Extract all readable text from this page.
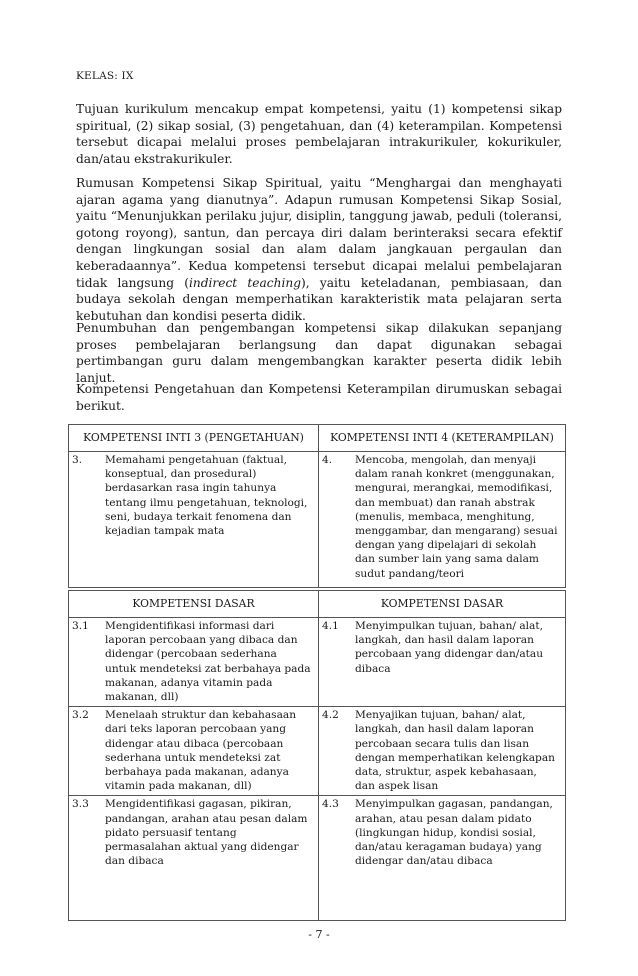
KELAS: IX

Tujuan kurikulum mencakup empat kompetensi, yaitu (1) kompetensi sikap spiritual, (2) sikap sosial, (3) pengetahuan, dan (4) keterampilan. Kompetensi tersebut dicapai melalui proses pembelajaran intrakurikuler, kokurikuler, dan/atau ekstrakurikuler.

Rumusan Kompetensi Sikap Spiritual, yaitu “Menghargai dan menghayati ajaran agama yang dianutnya”. Adapun rumusan Kompetensi Sikap Sosial, yaitu “Menunjukkan perilaku jujur, disiplin, tanggung jawab, peduli (toleransi, gotong royong), santun, dan percaya diri dalam berinteraksi secara efektif dengan lingkungan sosial dan alam dalam jangkauan pergaulan dan keberadaannya”. Kedua kompetensi tersebut dicapai melalui pembelajaran tidak langsung (indirect teaching), yaitu keteladanan, pembiasaan, dan budaya sekolah dengan memperhatikan karakteristik mata pelajaran serta kebutuhan dan kondisi peserta didik.

Penumbuhan dan pengembangan kompetensi sikap dilakukan sepanjang proses pembelajaran berlangsung dan dapat digunakan sebagai pertimbangan guru dalam mengembangkan karakter peserta didik lebih lanjut.

Kompetensi Pengetahuan dan Kompetensi Keterampilan dirumuskan sebagai berikut.

KOMPETENSI INTI 3 (PENGETAHUAN)	KOMPETENSI INTI 4 (KETERAMPILAN)

3. Memahami pengetahuan (faktual, konseptual, dan prosedural) berdasarkan rasa ingin tahunya tentang ilmu pengetahuan, teknologi, seni, budaya terkait fenomena dan kejadian tampak mata	4. Mencoba, mengolah, dan menyaji dalam ranah konkret (menggunakan, mengurai, merangkai, memodifikasi, dan membuat) dan ranah abstrak (menulis, membaca, menghitung, menggambar, dan mengarang) sesuai dengan yang dipelajari di sekolah dan sumber lain yang sama dalam sudut pandang/teori
KOMPETENSI DASAR	KOMPETENSI DASAR

3.1 Mengidentifikasi informasi dari laporan percobaan yang dibaca dan didengar (percobaan sederhana untuk mendeteksi zat berbahaya pada makanan, adanya vitamin pada makanan, dll)	4.1 Menyimpulkan tujuan, bahan/ alat, langkah, dan hasil dalam laporan percobaan yang didengar dan/atau dibaca

3.2 Menelaah struktur dan kebahasaan dari teks laporan percobaan yang didengar atau dibaca (percobaan sederhana untuk mendeteksi zat berbahaya pada makanan, adanya vitamin pada makanan, dll)	4.2 Menyajikan tujuan, bahan/ alat, langkah, dan hasil dalam laporan percobaan secara tulis dan lisan dengan memperhatikan kelengkapan data, struktur, aspek kebahasaan, dan aspek lisan

3.3 Mengidentifikasi gagasan, pikiran, pandangan, arahan atau pesan dalam pidato persuasif tentang permasalahan aktual yang didengar dan dibaca	4.3 Menyimpulkan gagasan, pandangan, arahan, atau pesan dalam pidato (lingkungan hidup, kondisi sosial, dan/atau keragaman budaya) yang didengar dan/atau dibaca
- 7 -
